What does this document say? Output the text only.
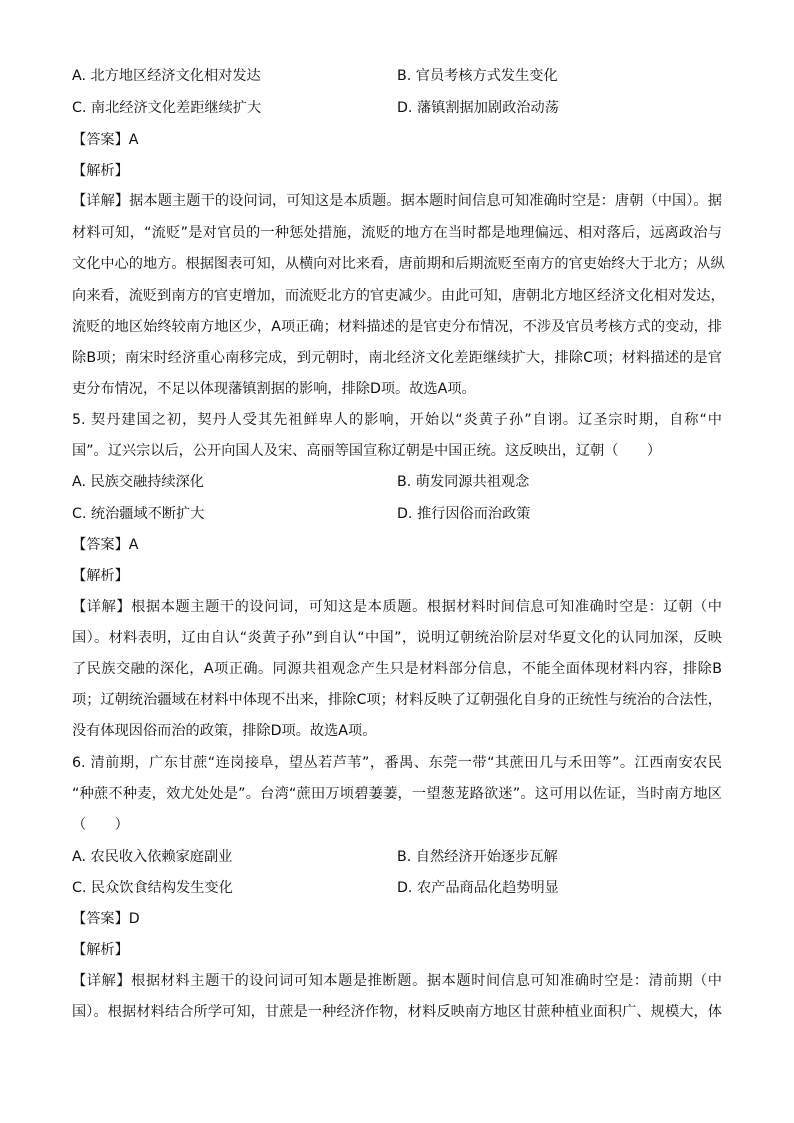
A. 北方地区经济文化相对发达	B. 官员考核方式发生变化
C. 南北经济文化差距继续扩大	D. 藩镇割据加剧政治动荡
【答案】A
【解析】
【详解】据本题主题干的设问词，可知这是本质题。据本题时间信息可知准确时空是：唐朝（中国）。据
材料可知，“流贬”是对官员的一种惩处措施，流贬的地方在当时都是地理偏远、相对落后，远离政治与
文化中心的地方。根据图表可知，从横向对比来看，唐前期和后期流贬至南方的官吏始终大于北方；从纵
向来看，流贬到南方的官吏增加，而流贬北方的官吏减少。由此可知，唐朝北方地区经济文化相对发达，
流贬的地区始终较南方地区少，A项正确；材料描述的是官吏分布情况，不涉及官员考核方式的变动，排
除B项；南宋时经济重心南移完成，到元朝时，南北经济文化差距继续扩大，排除C项；材料描述的是官
吏分布情况，不足以体现藩镇割据的影响，排除D项。故选A项。
5. 契丹建国之初，契丹人受其先祖鲜卑人的影响，开始以“炎黄子孙”自诩。辽圣宗时期，自称“中
国”。辽兴宗以后，公开向国人及宋、高丽等国宣称辽朝是中国正统。这反映出，辽朝（　　）
A. 民族交融持续深化	B. 萌发同源共祖观念
C. 统治疆域不断扩大	D. 推行因俗而治政策
【答案】A
【解析】
【详解】根据本题主题干的设问词，可知这是本质题。根据材料时间信息可知准确时空是：辽朝（中
国）。材料表明，辽由自认“炎黄子孙”到自认“中国”，说明辽朝统治阶层对华夏文化的认同加深，反映
了民族交融的深化，A项正确。同源共祖观念产生只是材料部分信息，不能全面体现材料内容，排除B
项；辽朝统治疆域在材料中体现不出来，排除C项；材料反映了辽朝强化自身的正统性与统治的合法性，
没有体现因俗而治的政策，排除D项。故选A项。
6. 清前期，广东甘蔗“连岗接阜，望丛若芦苇”，番禺、东莞一带“其蔗田几与禾田等”。江西南安农民
“种蔗不种麦，效尤处处是”。台湾“蔗田万顷碧萋萋，一望葱茏路欲迷”。这可用以佐证，当时南方地区
（　　）
A. 农民收入依赖家庭副业	B. 自然经济开始逐步瓦解
C. 民众饮食结构发生变化	D. 农产品商品化趋势明显
【答案】D
【解析】
【详解】根据材料主题干的设问词可知本题是推断题。据本题时间信息可知准确时空是：清前期（中
国）。根据材料结合所学可知，甘蔗是一种经济作物，材料反映南方地区甘蔗种植业面积广、规模大，体
